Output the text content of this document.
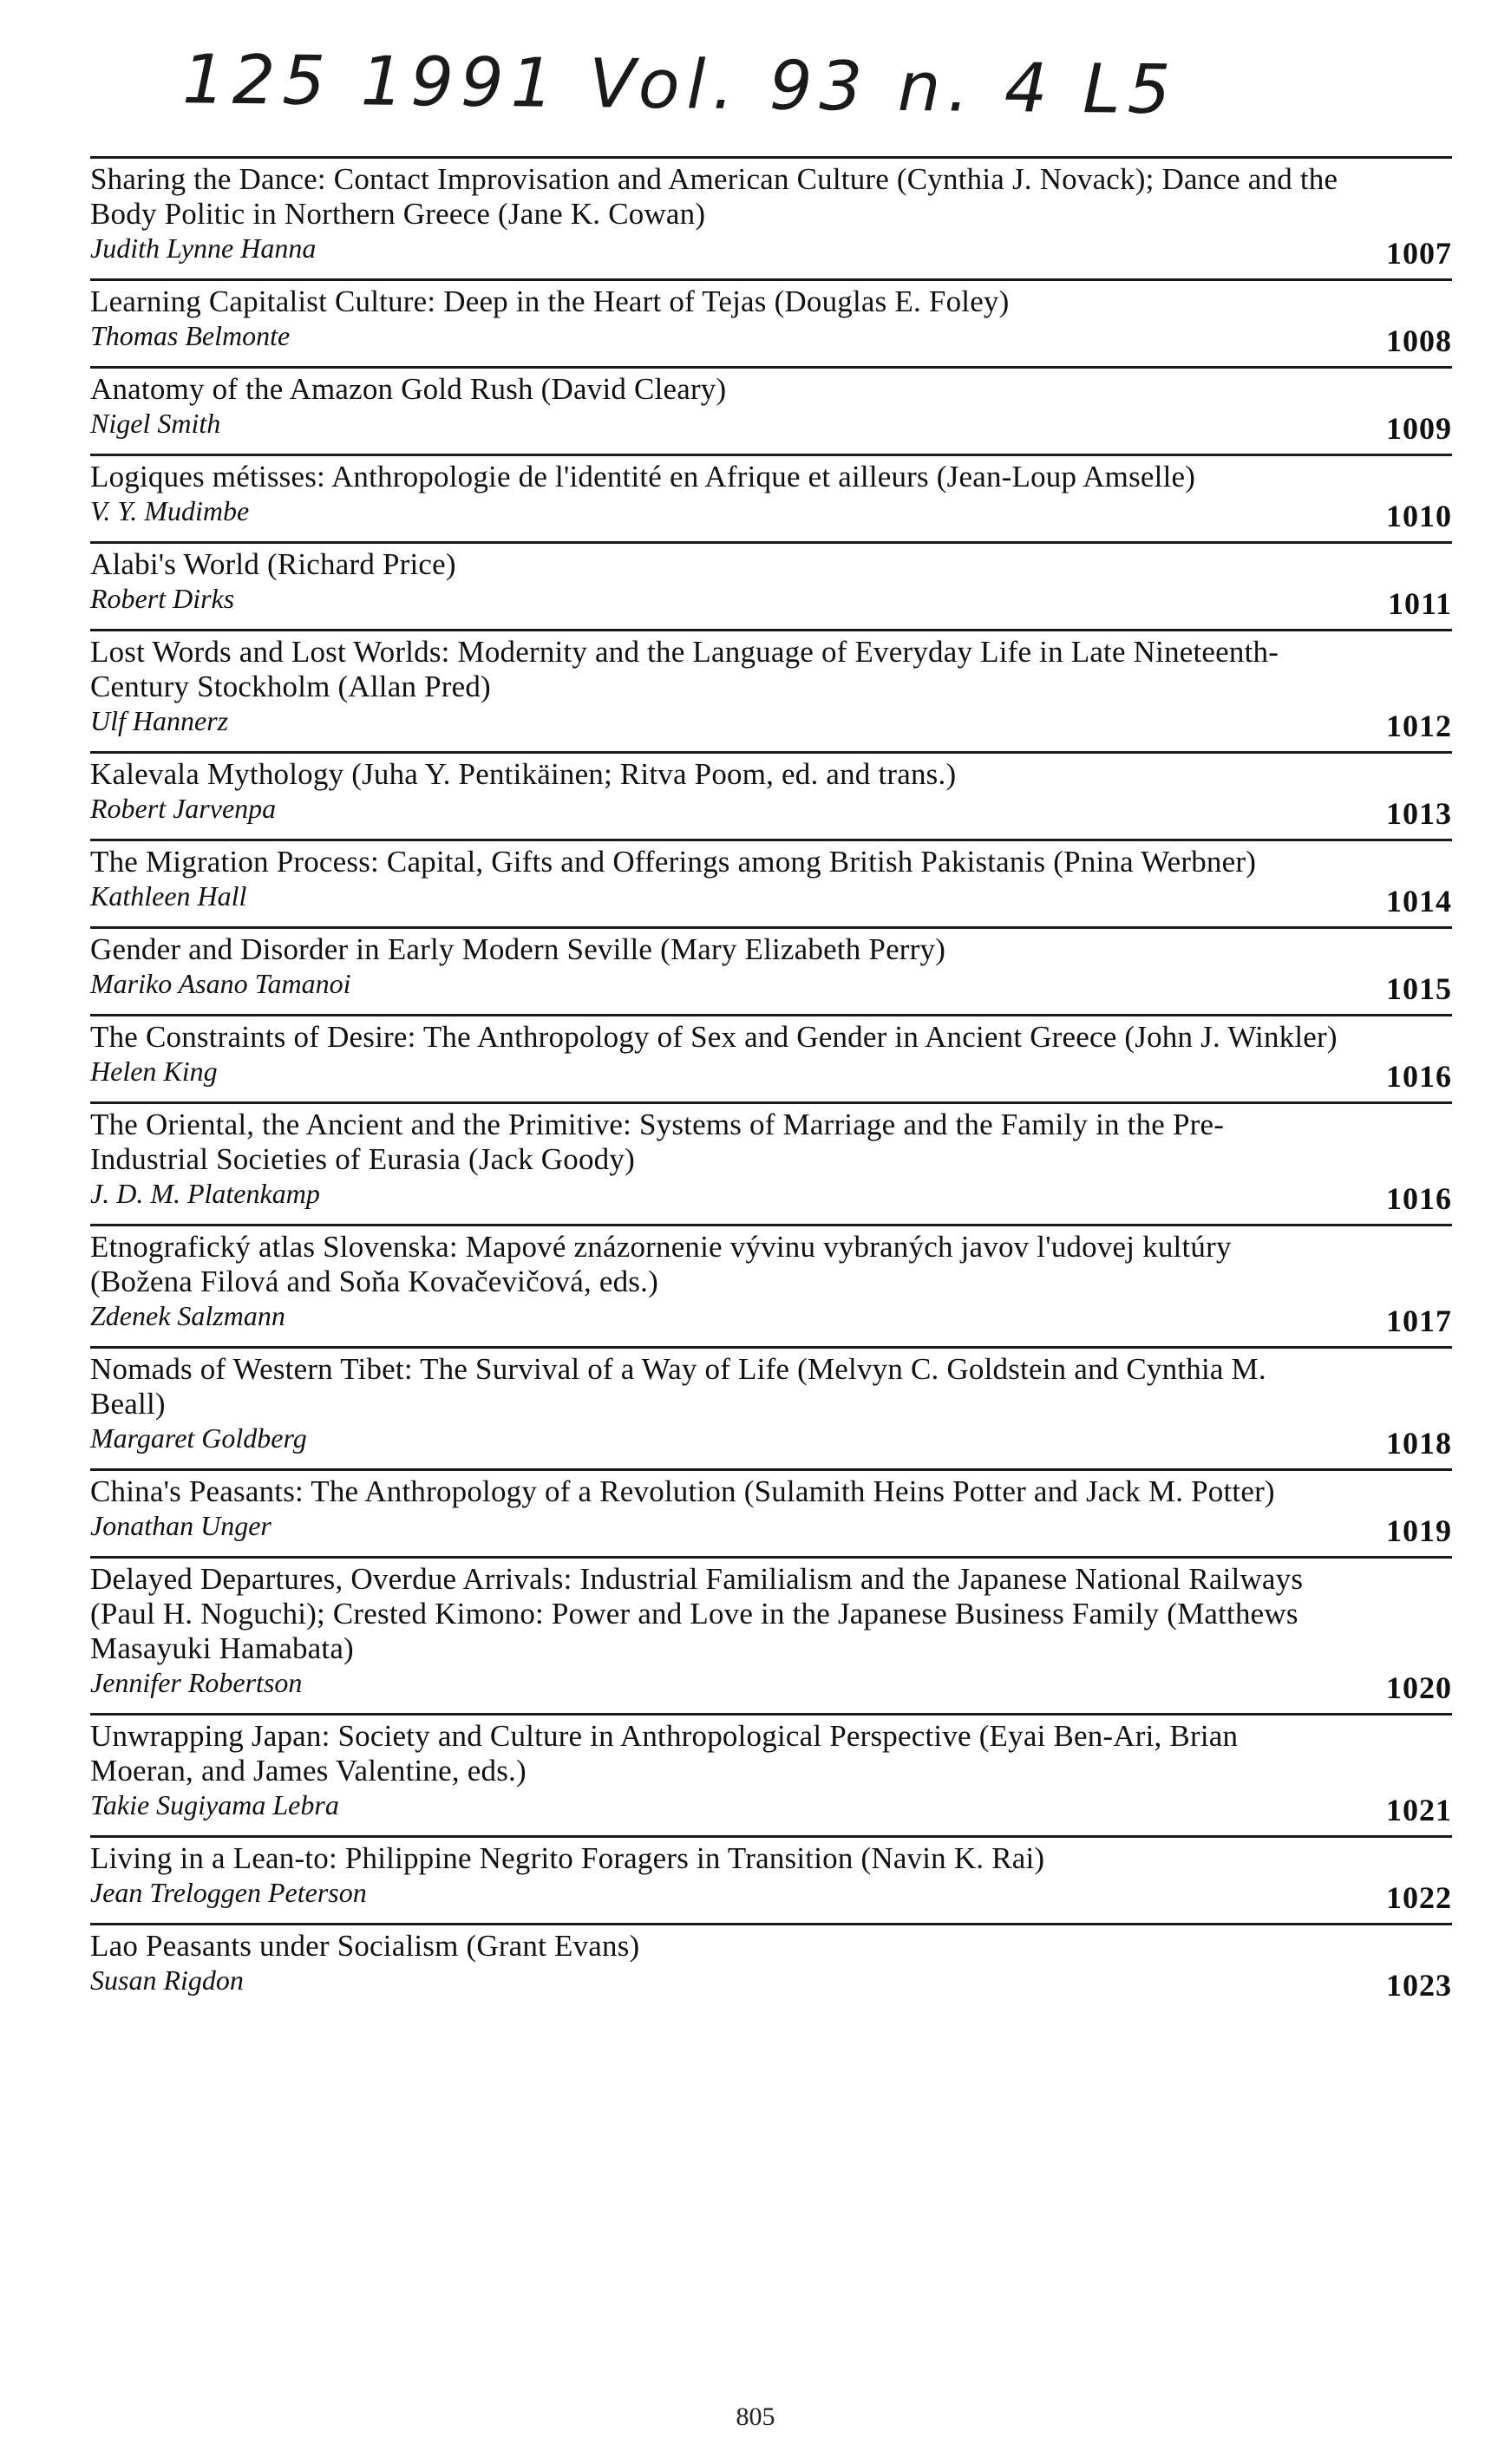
125 1991 Vol. 93 n. 4 L5
Sharing the Dance: Contact Improvisation and American Culture (Cynthia J. Novack); Dance and the Body Politic in Northern Greece (Jane K. Cowan)
Judith Lynne Hanna	1007
Learning Capitalist Culture: Deep in the Heart of Tejas (Douglas E. Foley)
Thomas Belmonte	1008
Anatomy of the Amazon Gold Rush (David Cleary)
Nigel Smith	1009
Logiques métisses: Anthropologie de l'identité en Afrique et ailleurs (Jean-Loup Amselle)
V. Y. Mudimbe	1010
Alabi's World (Richard Price)
Robert Dirks	1011
Lost Words and Lost Worlds: Modernity and the Language of Everyday Life in Late Nineteenth-Century Stockholm (Allan Pred)
Ulf Hannerz	1012
Kalevala Mythology (Juha Y. Pentikäinen; Ritva Poom, ed. and trans.)
Robert Jarvenpa	1013
The Migration Process: Capital, Gifts and Offerings among British Pakistanis (Pnina Werbner)
Kathleen Hall	1014
Gender and Disorder in Early Modern Seville (Mary Elizabeth Perry)
Mariko Asano Tamanoi	1015
The Constraints of Desire: The Anthropology of Sex and Gender in Ancient Greece (John J. Winkler)
Helen King	1016
The Oriental, the Ancient and the Primitive: Systems of Marriage and the Family in the Pre-Industrial Societies of Eurasia (Jack Goody)
J. D. M. Platenkamp	1016
Etnografický atlas Slovenska: Mapové znázornenie vývinu vybraných javov l'udovej kultúry (Božena Filová and Soňa Kovačevičová, eds.)
Zdenek Salzmann	1017
Nomads of Western Tibet: The Survival of a Way of Life (Melvyn C. Goldstein and Cynthia M. Beall)
Margaret Goldberg	1018
China's Peasants: The Anthropology of a Revolution (Sulamith Heins Potter and Jack M. Potter)
Jonathan Unger	1019
Delayed Departures, Overdue Arrivals: Industrial Familialism and the Japanese National Railways (Paul H. Noguchi); Crested Kimono: Power and Love in the Japanese Business Family (Matthews Masayuki Hamabata)
Jennifer Robertson	1020
Unwrapping Japan: Society and Culture in Anthropological Perspective (Eyai Ben-Ari, Brian Moeran, and James Valentine, eds.)
Takie Sugiyama Lebra	1021
Living in a Lean-to: Philippine Negrito Foragers in Transition (Navin K. Rai)
Jean Treloggen Peterson	1022
Lao Peasants under Socialism (Grant Evans)
Susan Rigdon	1023
805
